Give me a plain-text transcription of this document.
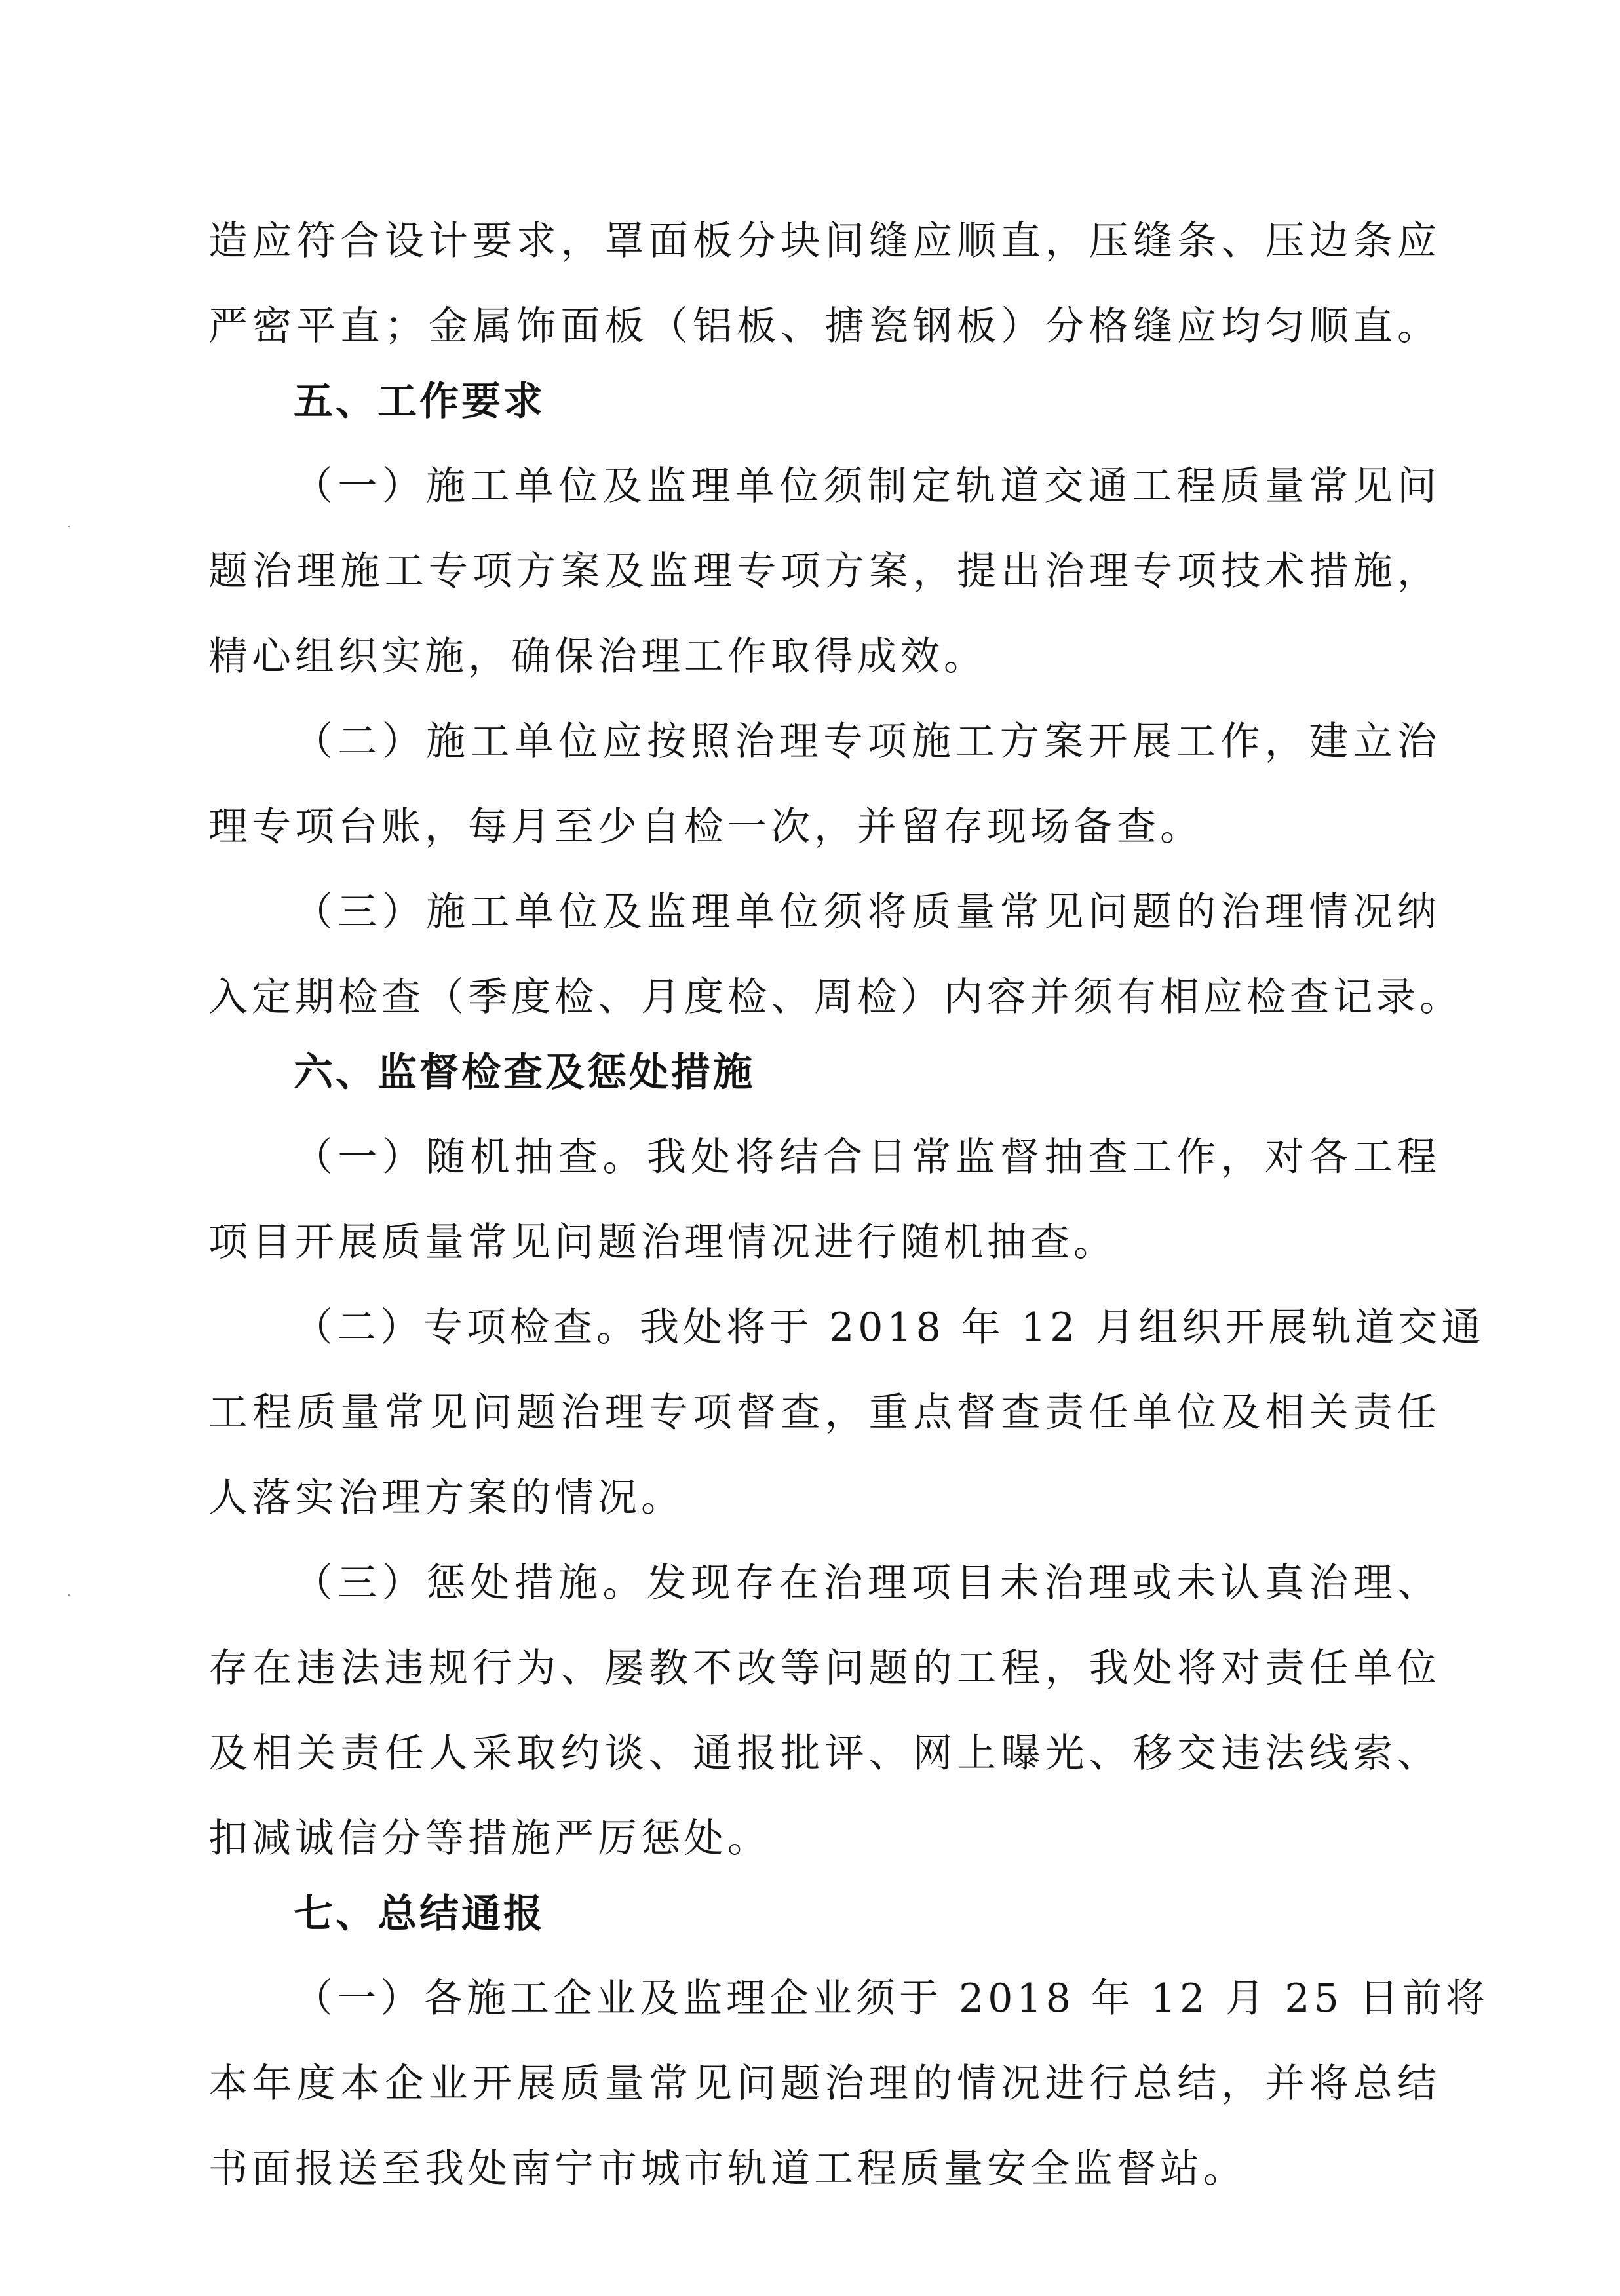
造应符合设计要求，罩面板分块间缝应顺直，压缝条、压边条应
严密平直；金属饰面板（铝板、搪瓷钢板）分格缝应均匀顺直。
五、工作要求
（一）施工单位及监理单位须制定轨道交通工程质量常见问
题治理施工专项方案及监理专项方案，提出治理专项技术措施，
精心组织实施，确保治理工作取得成效。
（二）施工单位应按照治理专项施工方案开展工作，建立治
理专项台账，每月至少自检一次，并留存现场备查。
（三）施工单位及监理单位须将质量常见问题的治理情况纳
入定期检查（季度检、月度检、周检）内容并须有相应检查记录。
六、监督检查及惩处措施
（一）随机抽查。我处将结合日常监督抽查工作，对各工程
项目开展质量常见问题治理情况进行随机抽查。
（二）专项检查。我处将于 2018 年 12 月组织开展轨道交通
工程质量常见问题治理专项督查，重点督查责任单位及相关责任
人落实治理方案的情况。
（三）惩处措施。发现存在治理项目未治理或未认真治理、
存在违法违规行为、屡教不改等问题的工程，我处将对责任单位
及相关责任人采取约谈、通报批评、网上曝光、移交违法线索、
扣减诚信分等措施严厉惩处。
七、总结通报
（一）各施工企业及监理企业须于 2018 年 12 月 25 日前将
本年度本企业开展质量常见问题治理的情况进行总结，并将总结
书面报送至我处南宁市城市轨道工程质量安全监督站。
